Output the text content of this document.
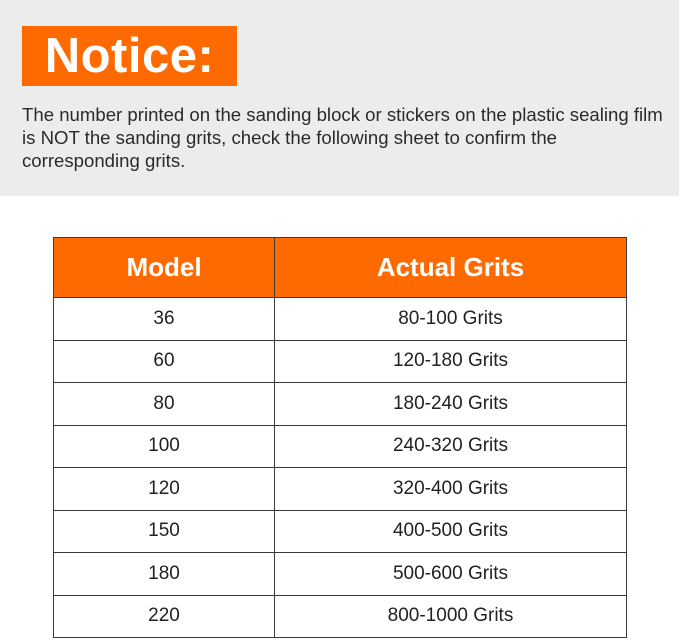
Notice:
The number printed on the sanding block or stickers on the plastic sealing film is NOT the sanding grits, check the following sheet to confirm the corresponding grits.
Model	Actual Grits
36	80-100 Grits
60	120-180 Grits
80	180-240 Grits
100	240-320 Grits
120	320-400 Grits
150	400-500 Grits
180	500-600 Grits
220	800-1000 Grits
